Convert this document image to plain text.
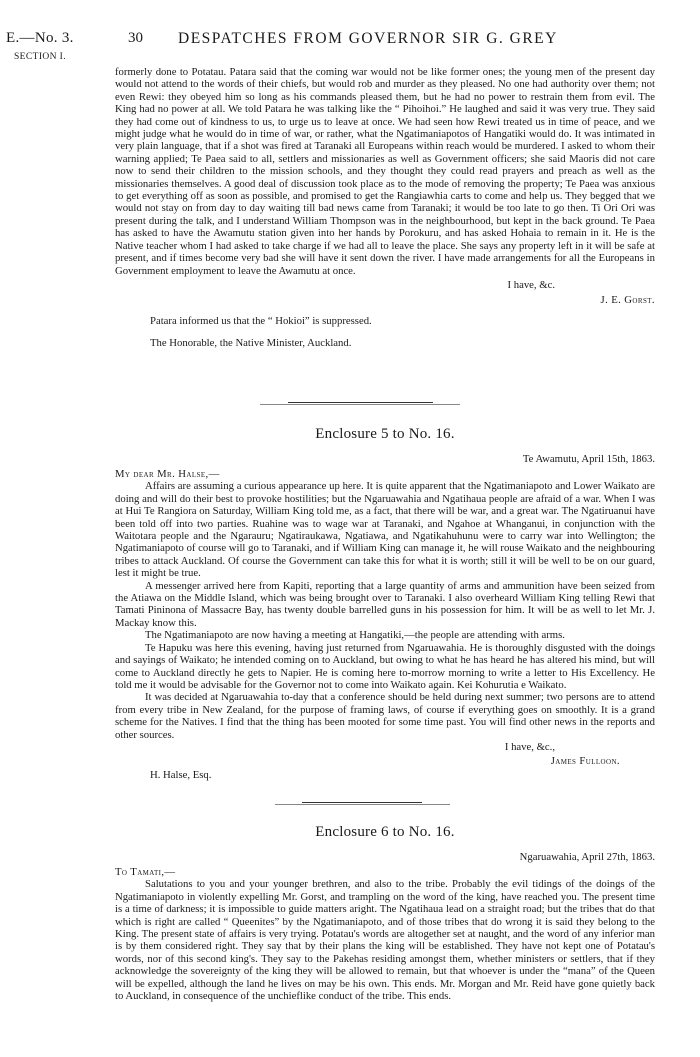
E.—No. 3.
SECTION I.
30 DESPATCHES FROM GOVERNOR SIR G. GREY

formerly done to Potatau. Patara said that the coming war would not be like former ones; the young men of the present day would not attend to the words of their chiefs, but would rob and murder as they pleased. No one had authority over them; not even Rewi: they obeyed him so long as his commands pleased them, but he had no power to restrain them from evil. The King had no power at all. We told Patara he was talking like the “ Pihoihoi.” He laughed and said it was very true. They said they had come out of kindness to us, to urge us to leave at once. We had seen how Rewi treated us in time of peace, and we might judge what he would do in time of war, or rather, what the Ngatimaniapotos of Hangatiki would do. It was intimated in very plain language, that if a shot was fired at Taranaki all Europeans within reach would be murdered. I asked to whom their warning applied; Te Paea said to all, settlers and missionaries as well as Government officers; she said Maoris did not care now to send their children to the mission schools, and they thought they could read prayers and preach as well as the missionaries themselves. A good deal of discussion took place as to the mode of removing the property; Te Paea was anxious to get everything off as soon as possible, and promised to get the Rangiawhia carts to come and help us. They begged that we would not stay on from day to day waiting till bad news came from Taranaki; it would be too late to go then. Ti Ori Ori was present during the talk, and I understand William Thompson was in the neighbourhood, but kept in the back ground. Te Paea has asked to have the Awamutu station given into her hands by Porokuru, and has asked Hohaia to remain in it. He is the Native teacher whom I had asked to take charge if we had all to leave the place. She says any property left in it will be safe at present, and if times become very bad she will have it sent down the river. I have made arrangements for all the Europeans in Government employment to leave the Awamutu at once.

I have, &c.
J. E. Gorst.
Patara informed us that the “ Hokioi” is suppressed.
The Honorable, the Native Minister, Auckland.
Enclosure 5 to No. 16.
Te Awamutu, April 15th, 1863.
My dear Mr. Halse,—

Affairs are assuming a curious appearance up here. It is quite apparent that the Ngatimaniapoto and Lower Waikato are doing and will do their best to provoke hostilities; but the Ngaruawahia and Ngatihaua people are afraid of a war. When I was at Hui Te Rangiora on Saturday, William King told me, as a fact, that there will be war, and a great war. The Ngatiruanui have been told off into two parties. Ruahine was to wage war at Taranaki, and Ngahoe at Whanganui, in conjunction with the Waitotara people and the Ngarauru; Ngatiraukawa, Ngatiawa, and Ngatikahuhunu were to carry war into Wellington; the Ngatimaniapoto of course will go to Taranaki, and if William King can manage it, he will rouse Waikato and the neighbouring tribes to attack Auckland. Of course the Government can take this for what it is worth; still it will be well to be on our guard, lest it might be true.

A messenger arrived here from Kapiti, reporting that a large quantity of arms and ammunition have been seized from the Atiawa on the Middle Island, which was being brought over to Taranaki. I also overheard William King telling Rewi that Tamati Pininona of Massacre Bay, has twenty double barrelled guns in his possession for him. It will be as well to let Mr. J. Mackay know this.

The Ngatimaniapoto are now having a meeting at Hangatiki,—the people are attending with arms.

Te Hapuku was here this evening, having just returned from Ngaruawahia. He is thoroughly disgusted with the doings and sayings of Waikato; he intended coming on to Auckland, but owing to what he has heard he has altered his mind, but will come to Auckland directly he gets to Napier. He is coming here to-morrow morning to write a letter to His Excellency. He told me it would be advisable for the Governor not to come into Waikato again. Kei Kohurutia e Waikato.

It was decided at Ngaruawahia to-day that a conference should be held during next summer; two persons are to attend from every tribe in New Zealand, for the purpose of framing laws, of course if everything goes on smoothly. It is a grand scheme for the Natives. I find that the thing has been mooted for some time past. You will find other news in the reports and other sources.

I have, &c.,
James Fulloon.
H. Halse, Esq.
Enclosure 6 to No. 16.
Ngaruawahia, April 27th, 1863.
To Tamati,—

Salutations to you and your younger brethren, and also to the tribe. Probably the evil tidings of the doings of the Ngatimaniapoto in violently expelling Mr. Gorst, and trampling on the word of the king, have reached you. The present time is a time of darkness; it is impossible to guide matters aright. The Ngatihaua lead on a straight road; but the tribes that do that which is right are called “ Queenites” by the Ngatimaniapoto, and of those tribes that do wrong it is said they belong to the King. The present state of affairs is very trying. Potatau's words are altogether set at naught, and the word of any inferior man is by them considered right. They say that by their plans the king will be established. They have not kept one of Potatau's words, nor of this second king's. They say to the Pakehas residing amongst them, whether ministers or settlers, that if they acknowledge the sovereignty of the king they will be allowed to remain, but that whoever is under the “mana” of the Queen will be expelled, although the land he lives on may be his own. This ends. Mr. Morgan and Mr. Reid have gone quietly back to Auckland, in consequence of the unchieflike conduct of the tribe. This ends.
